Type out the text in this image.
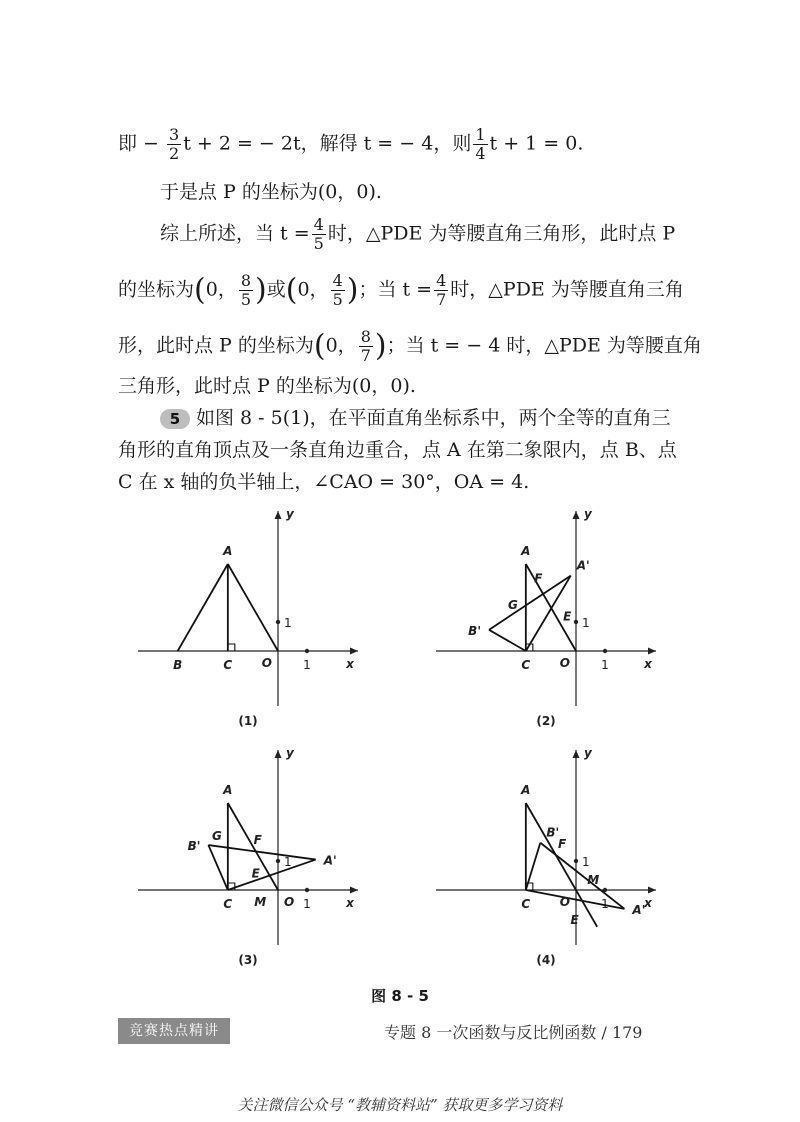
即 − $\frac{3}{2}$ t + 2 = − 2t，解得 t = − 4，则 $\frac{1}{4}$ t + 1 = 0.
于是点 P 的坐标为(0，0).
综上所述，当 $t = \frac{4}{5}$ 时，△PDE 为等腰直角三角形，此时点 P
的坐标为(0， $\frac{8}{5}$ )或(0， $\frac{4}{5}$ )；当 $t = \frac{4}{7}$ 时，△PDE 为等腰直角三角
形，此时点 P 的坐标为(0， $\frac{8}{7}$ )；当 t = − 4 时，△PDE 为等腰直角
三角形，此时点 P 的坐标为(0，0).
5 如图 8 - 5(1)，在平面直角坐标系中，两个全等的直角三
角形的直角顶点及一条直角边重合，点 A 在第二象限内，点 B、点
C 在 x 轴的负半轴上，∠CAO = 30°，OA = 4.
x
y
1
1
A
B	C O
(1)
x
y
1
1
A
A'
F
G
E
B'
C O
(2)
x
y
1
1
A
B'
G	F
E
A'
C M O
(3)
x
y
1
1
A
B'
F
M
O
E
A'
C
(4)
图 8 - 5
竞赛热点精讲	专题 8 一次函数与反比例函数 / 179
关注微信公众号 “教辅资料站” 获取更多学习资料
